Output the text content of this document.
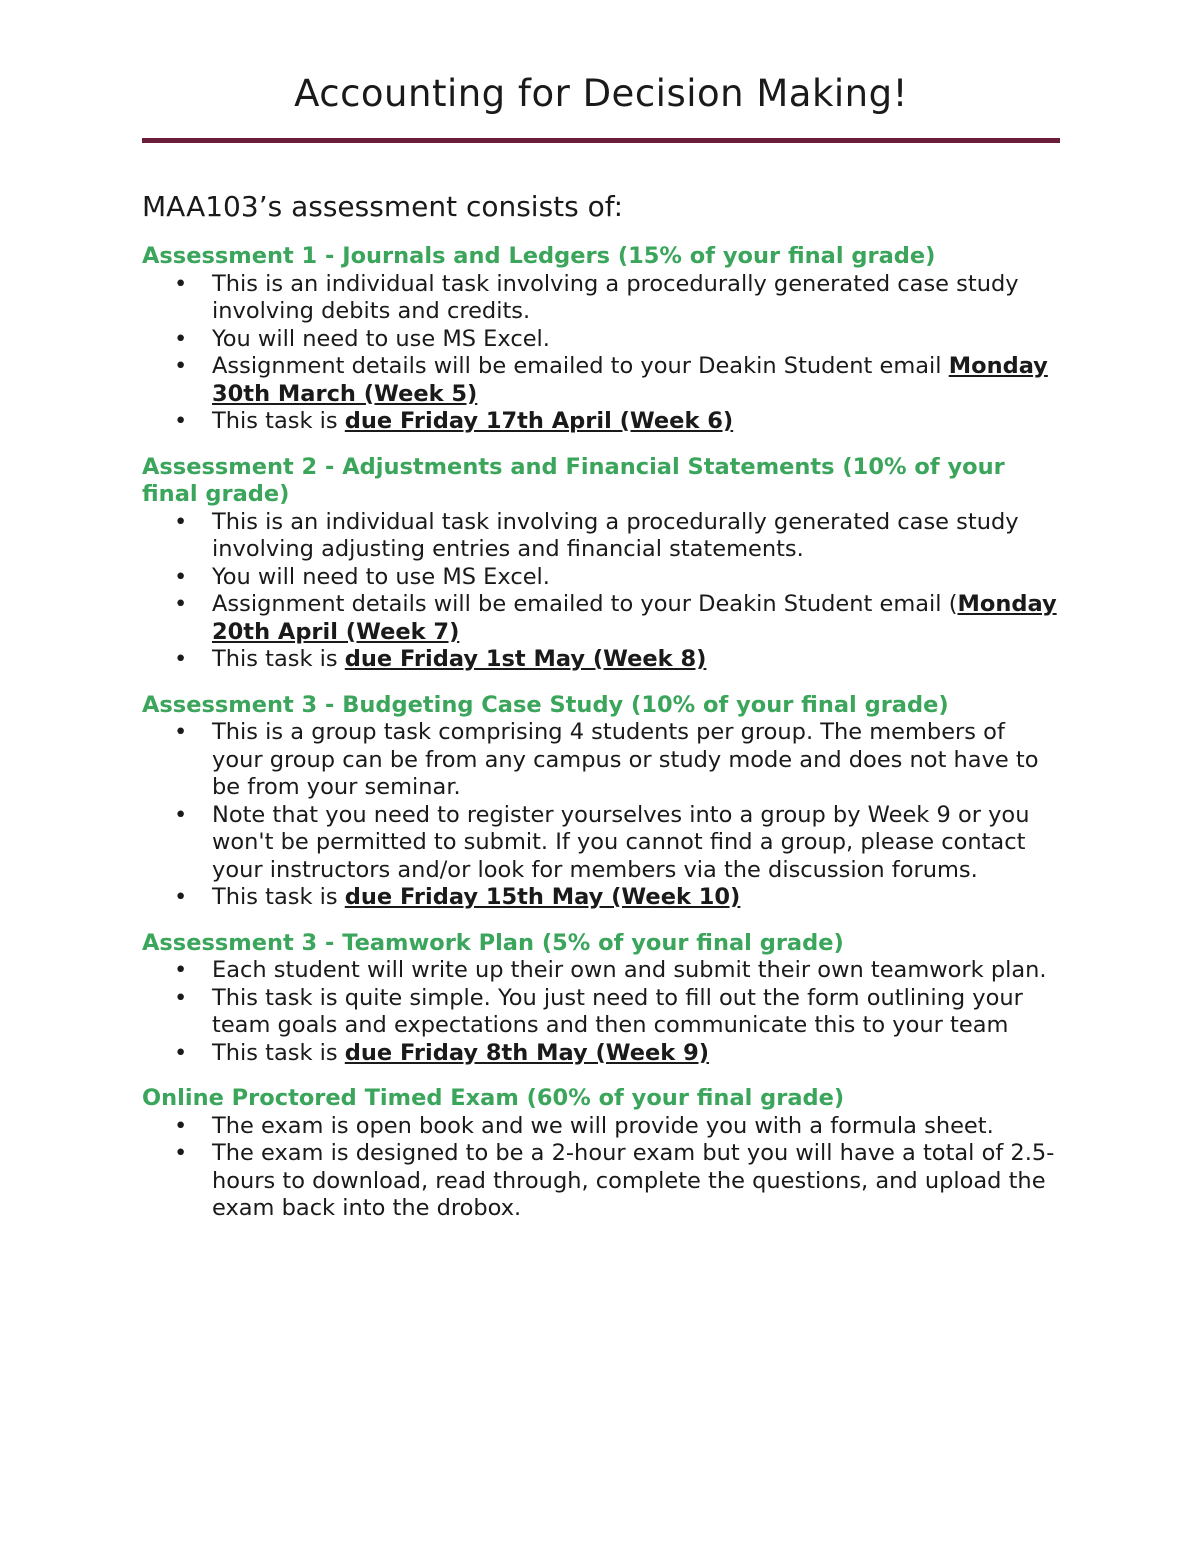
Accounting for Decision Making!

MAA103’s assessment consists of:

Assessment 1 - Journals and Ledgers (15% of your final grade)
• This is an individual task involving a procedurally generated case study involving debits and credits.
• You will need to use MS Excel.
• Assignment details will be emailed to your Deakin Student email Monday 30th March (Week 5)
• This task is due Friday 17th April (Week 6)
Assessment 2 - Adjustments and Financial Statements (10% of your final grade)
• This is an individual task involving a procedurally generated case study involving adjusting entries and financial statements.
• You will need to use MS Excel.
• Assignment details will be emailed to your Deakin Student email (Monday 20th April (Week 7)
• This task is due Friday 1st May (Week 8)
Assessment 3 - Budgeting Case Study (10% of your final grade)
• This is a group task comprising 4 students per group. The members of your group can be from any campus or study mode and does not have to be from your seminar.
• Note that you need to register yourselves into a group by Week 9 or you won't be permitted to submit. If you cannot find a group, please contact your instructors and/or look for members via the discussion forums.
• This task is due Friday 15th May (Week 10)
Assessment 3 - Teamwork Plan (5% of your final grade)
• Each student will write up their own and submit their own teamwork plan.
• This task is quite simple. You just need to fill out the form outlining your team goals and expectations and then communicate this to your team
• This task is due Friday 8th May (Week 9)
Online Proctored Timed Exam (60% of your final grade)
• The exam is open book and we will provide you with a formula sheet.
• The exam is designed to be a 2-hour exam but you will have a total of 2.5-hours to download, read through, complete the questions, and upload the exam back into the drobox.
